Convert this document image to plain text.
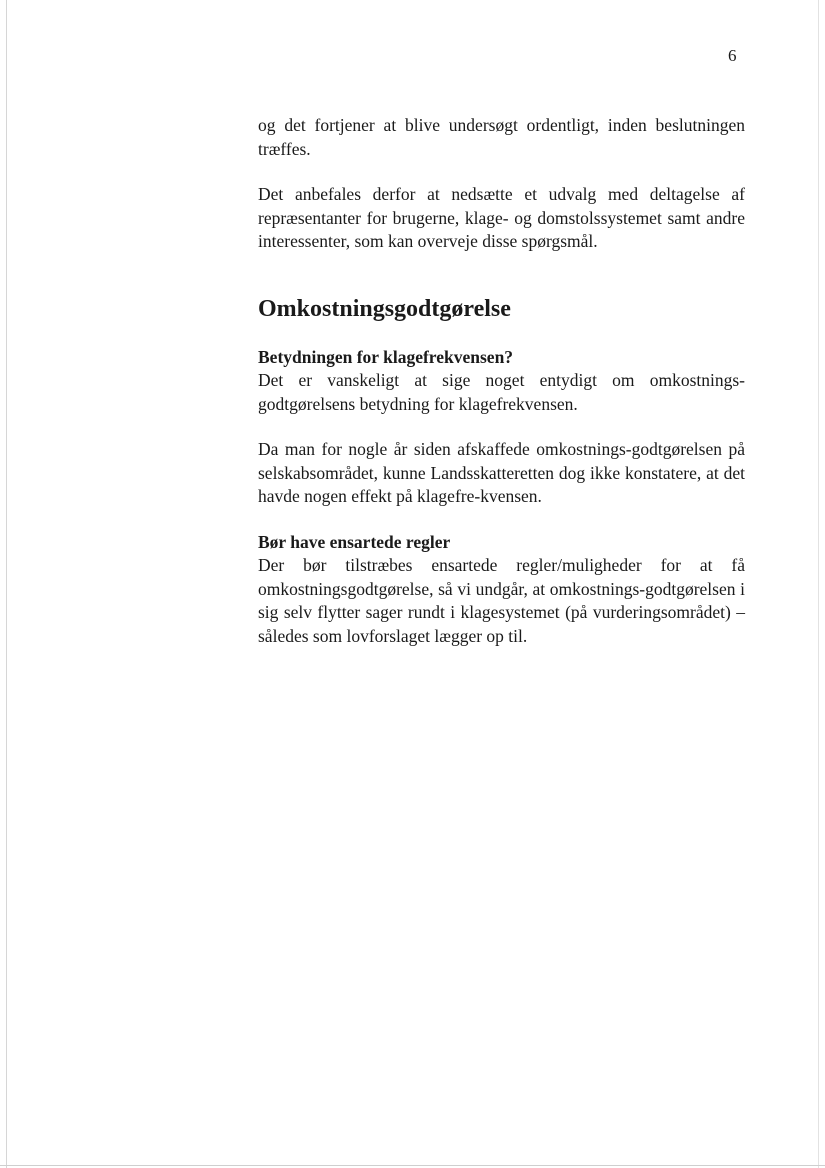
6

og det fortjener at blive undersøgt ordentligt, inden beslutningen træffes.

Det anbefales derfor at nedsætte et udvalg med deltagelse af repræsentanter for brugerne, klage- og domstolssystemet samt andre interessenter, som kan overveje disse spørgsmål.

Omkostningsgodtgørelse
Betydningen for klagefrekvensen?

Det er vanskeligt at sige noget entydigt om omkostnings-godtgørelsens betydning for klagefrekvensen.

Da man for nogle år siden afskaffede omkostnings-godtgørelsen på selskabsområdet, kunne Landsskatteretten dog ikke konstatere, at det havde nogen effekt på klagefre-kvensen.

Bør have ensartede regler

Der bør tilstræbes ensartede regler/muligheder for at få omkostningsgodtgørelse, så vi undgår, at omkostnings-godtgørelsen i sig selv flytter sager rundt i klagesystemet (på vurderingsområdet) – således som lovforslaget lægger op til.
